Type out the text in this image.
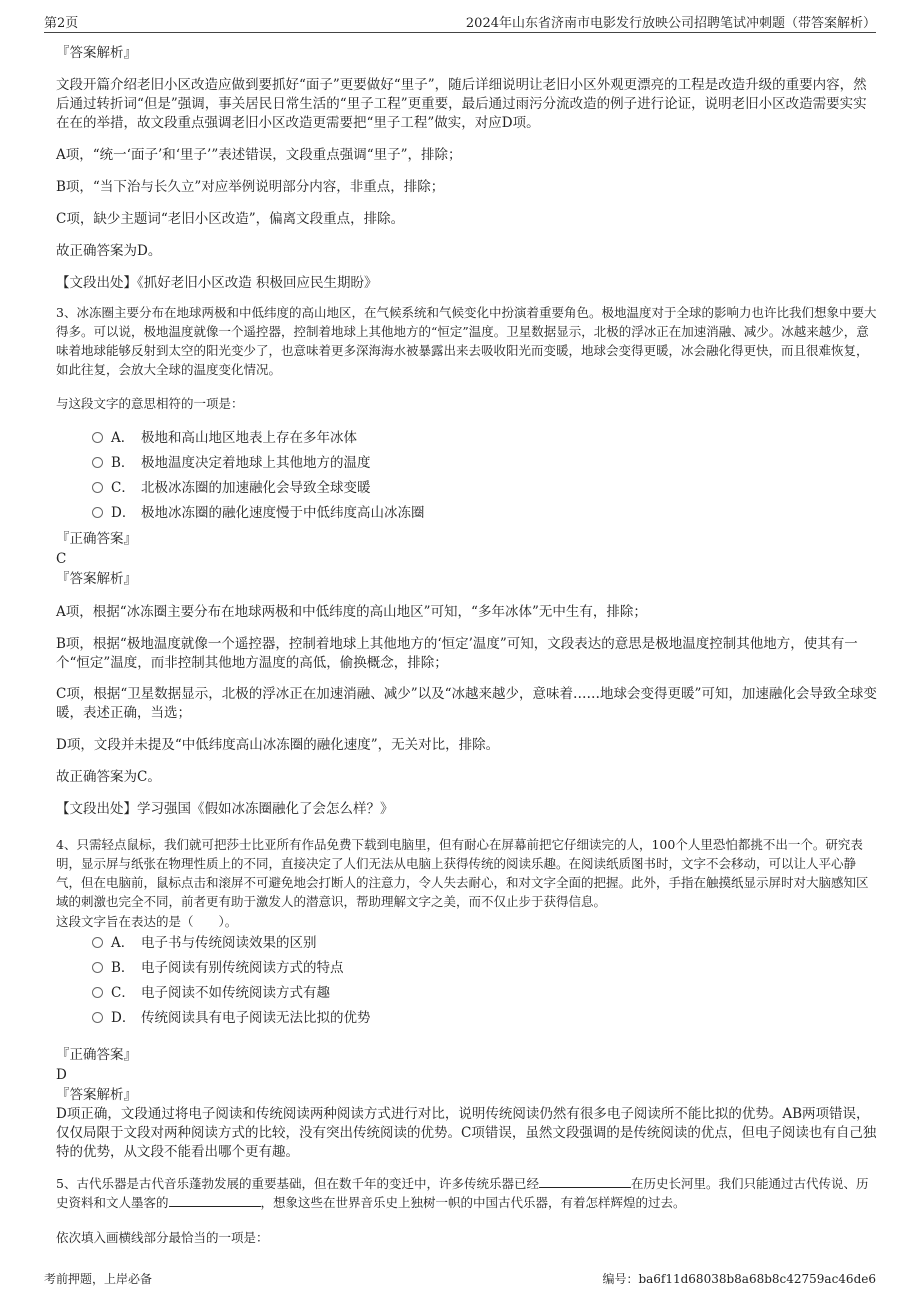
第2页	2024年山东省济南市电影发行放映公司招聘笔试冲刺题（带答案解析）
『答案解析』
文段开篇介绍老旧小区改造应做到要抓好“面子”更要做好“里子”，随后详细说明让老旧小区外观更漂亮的工程是改造升级的重要内容，然后通过转折词“但是”强调，事关居民日常生活的“里子工程”更重要，最后通过雨污分流改造的例子进行论证，说明老旧小区改造需要实实在在的举措，故文段重点强调老旧小区改造更需要把“里子工程”做实，对应D项。
A项，“统一‘面子’和‘里子’”表述错误，文段重点强调“里子”，排除；
B项，“当下治与长久立”对应举例说明部分内容，非重点，排除；
C项，缺少主题词“老旧小区改造”，偏离文段重点，排除。
故正确答案为D。
【文段出处】《抓好老旧小区改造 积极回应民生期盼》
3、冰冻圈主要分布在地球两极和中低纬度的高山地区，在气候系统和气候变化中扮演着重要角色。极地温度对于全球的影响力也许比我们想象中要大得多。可以说，极地温度就像一个遥控器，控制着地球上其他地方的“恒定”温度。卫星数据显示，北极的浮冰正在加速消融、减少。冰越来越少，意味着地球能够反射到太空的阳光变少了，也意味着更多深海海水被暴露出来去吸收阳光而变暖，地球会变得更暖，冰会融化得更快，而且很难恢复，如此往复，会放大全球的温度变化情况。
与这段文字的意思相符的一项是：
A． 极地和高山地区地表上存在多年冰体
B． 极地温度决定着地球上其他地方的温度
C． 北极冰冻圈的加速融化会导致全球变暖
D． 极地冰冻圈的融化速度慢于中低纬度高山冰冻圈
『正确答案』
C
『答案解析』
A项，根据“冰冻圈主要分布在地球两极和中低纬度的高山地区”可知，“多年冰体”无中生有，排除；
B项，根据“极地温度就像一个遥控器，控制着地球上其他地方的‘恒定’温度”可知，文段表达的意思是极地温度控制其他地方，使其有一个“恒定”温度，而非控制其他地方温度的高低，偷换概念，排除；
C项，根据“卫星数据显示，北极的浮冰正在加速消融、减少”以及“冰越来越少，意味着……地球会变得更暖”可知，加速融化会导致全球变暖，表述正确，当选；
D项，文段并未提及“中低纬度高山冰冻圈的融化速度”，无关对比，排除。
故正确答案为C。
【文段出处】学习强国《假如冰冻圈融化了会怎么样？》
4、只需轻点鼠标，我们就可把莎士比亚所有作品免费下载到电脑里，但有耐心在屏幕前把它仔细读完的人，100个人里恐怕都挑不出一个。研究表明，显示屏与纸张在物理性质上的不同，直接决定了人们无法从电脑上获得传统的阅读乐趣。在阅读纸质图书时，文字不会移动，可以让人平心静气，但在电脑前，鼠标点击和滚屏不可避免地会打断人的注意力，令人失去耐心，和对文字全面的把握。此外，手指在触摸纸显示屏时对大脑感知区域的刺激也完全不同，前者更有助于激发人的潜意识，帮助理解文字之美，而不仅止步于获得信息。
这段文字旨在表达的是（　　）。
A． 电子书与传统阅读效果的区别
B． 电子阅读有别传统阅读方式的特点
C． 电子阅读不如传统阅读方式有趣
D． 传统阅读具有电子阅读无法比拟的优势
『正确答案』
D
『答案解析』
D项正确，文段通过将电子阅读和传统阅读两种阅读方式进行对比，说明传统阅读仍然有很多电子阅读所不能比拟的优势。AB两项错误，仅仅局限于文段对两种阅读方式的比较，没有突出传统阅读的优势。C项错误，虽然文段强调的是传统阅读的优点，但电子阅读也有自己独特的优势，从文段不能看出哪个更有趣。
5、古代乐器是古代音乐蓬勃发展的重要基础，但在数千年的变迁中，许多传统乐器已经	在历史长河里。我们只能通过古代传说、历史资料和文人墨客的	，想象这些在世界音乐史上独树一帜的中国古代乐器，有着怎样辉煌的过去。
依次填入画横线部分最恰当的一项是：
考前押题，上岸必备	编号：ba6f11d68038b8a68b8c42759ac46de6
